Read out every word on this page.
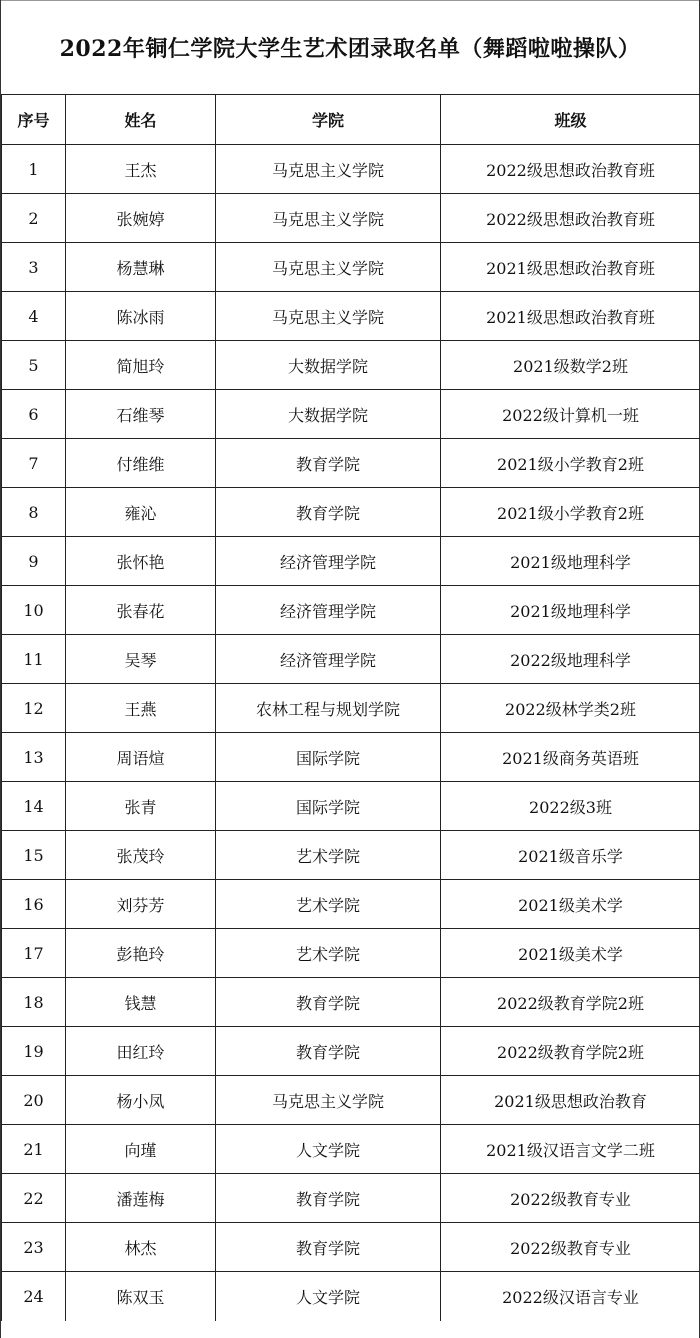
2022年铜仁学院大学生艺术团录取名单（舞蹈啦啦操队）
序号	姓名	学院	班级
1	王杰	马克思主义学院	2022级思想政治教育班
2	张婉婷	马克思主义学院	2022级思想政治教育班
3	杨慧琳	马克思主义学院	2021级思想政治教育班
4	陈冰雨	马克思主义学院	2021级思想政治教育班
5	简旭玲	大数据学院	2021级数学2班
6	石维琴	大数据学院	2022级计算机一班
7	付维维	教育学院	2021级小学教育2班
8	雍沁	教育学院	2021级小学教育2班
9	张怀艳	经济管理学院	2021级地理科学
10	张春花	经济管理学院	2021级地理科学
11	吴琴	经济管理学院	2022级地理科学
12	王燕	农林工程与规划学院	2022级林学类2班
13	周语煊	国际学院	2021级商务英语班
14	张青	国际学院	2022级3班
15	张茂玲	艺术学院	2021级音乐学
16	刘芬芳	艺术学院	2021级美术学
17	彭艳玲	艺术学院	2021级美术学
18	钱慧	教育学院	2022级教育学院2班
19	田红玲	教育学院	2022级教育学院2班
20	杨小凤	马克思主义学院	2021级思想政治教育
21	向瑾	人文学院	2021级汉语言文学二班
22	潘莲梅	教育学院	2022级教育专业
23	林杰	教育学院	2022级教育专业
24	陈双玉	人文学院	2022级汉语言专业
